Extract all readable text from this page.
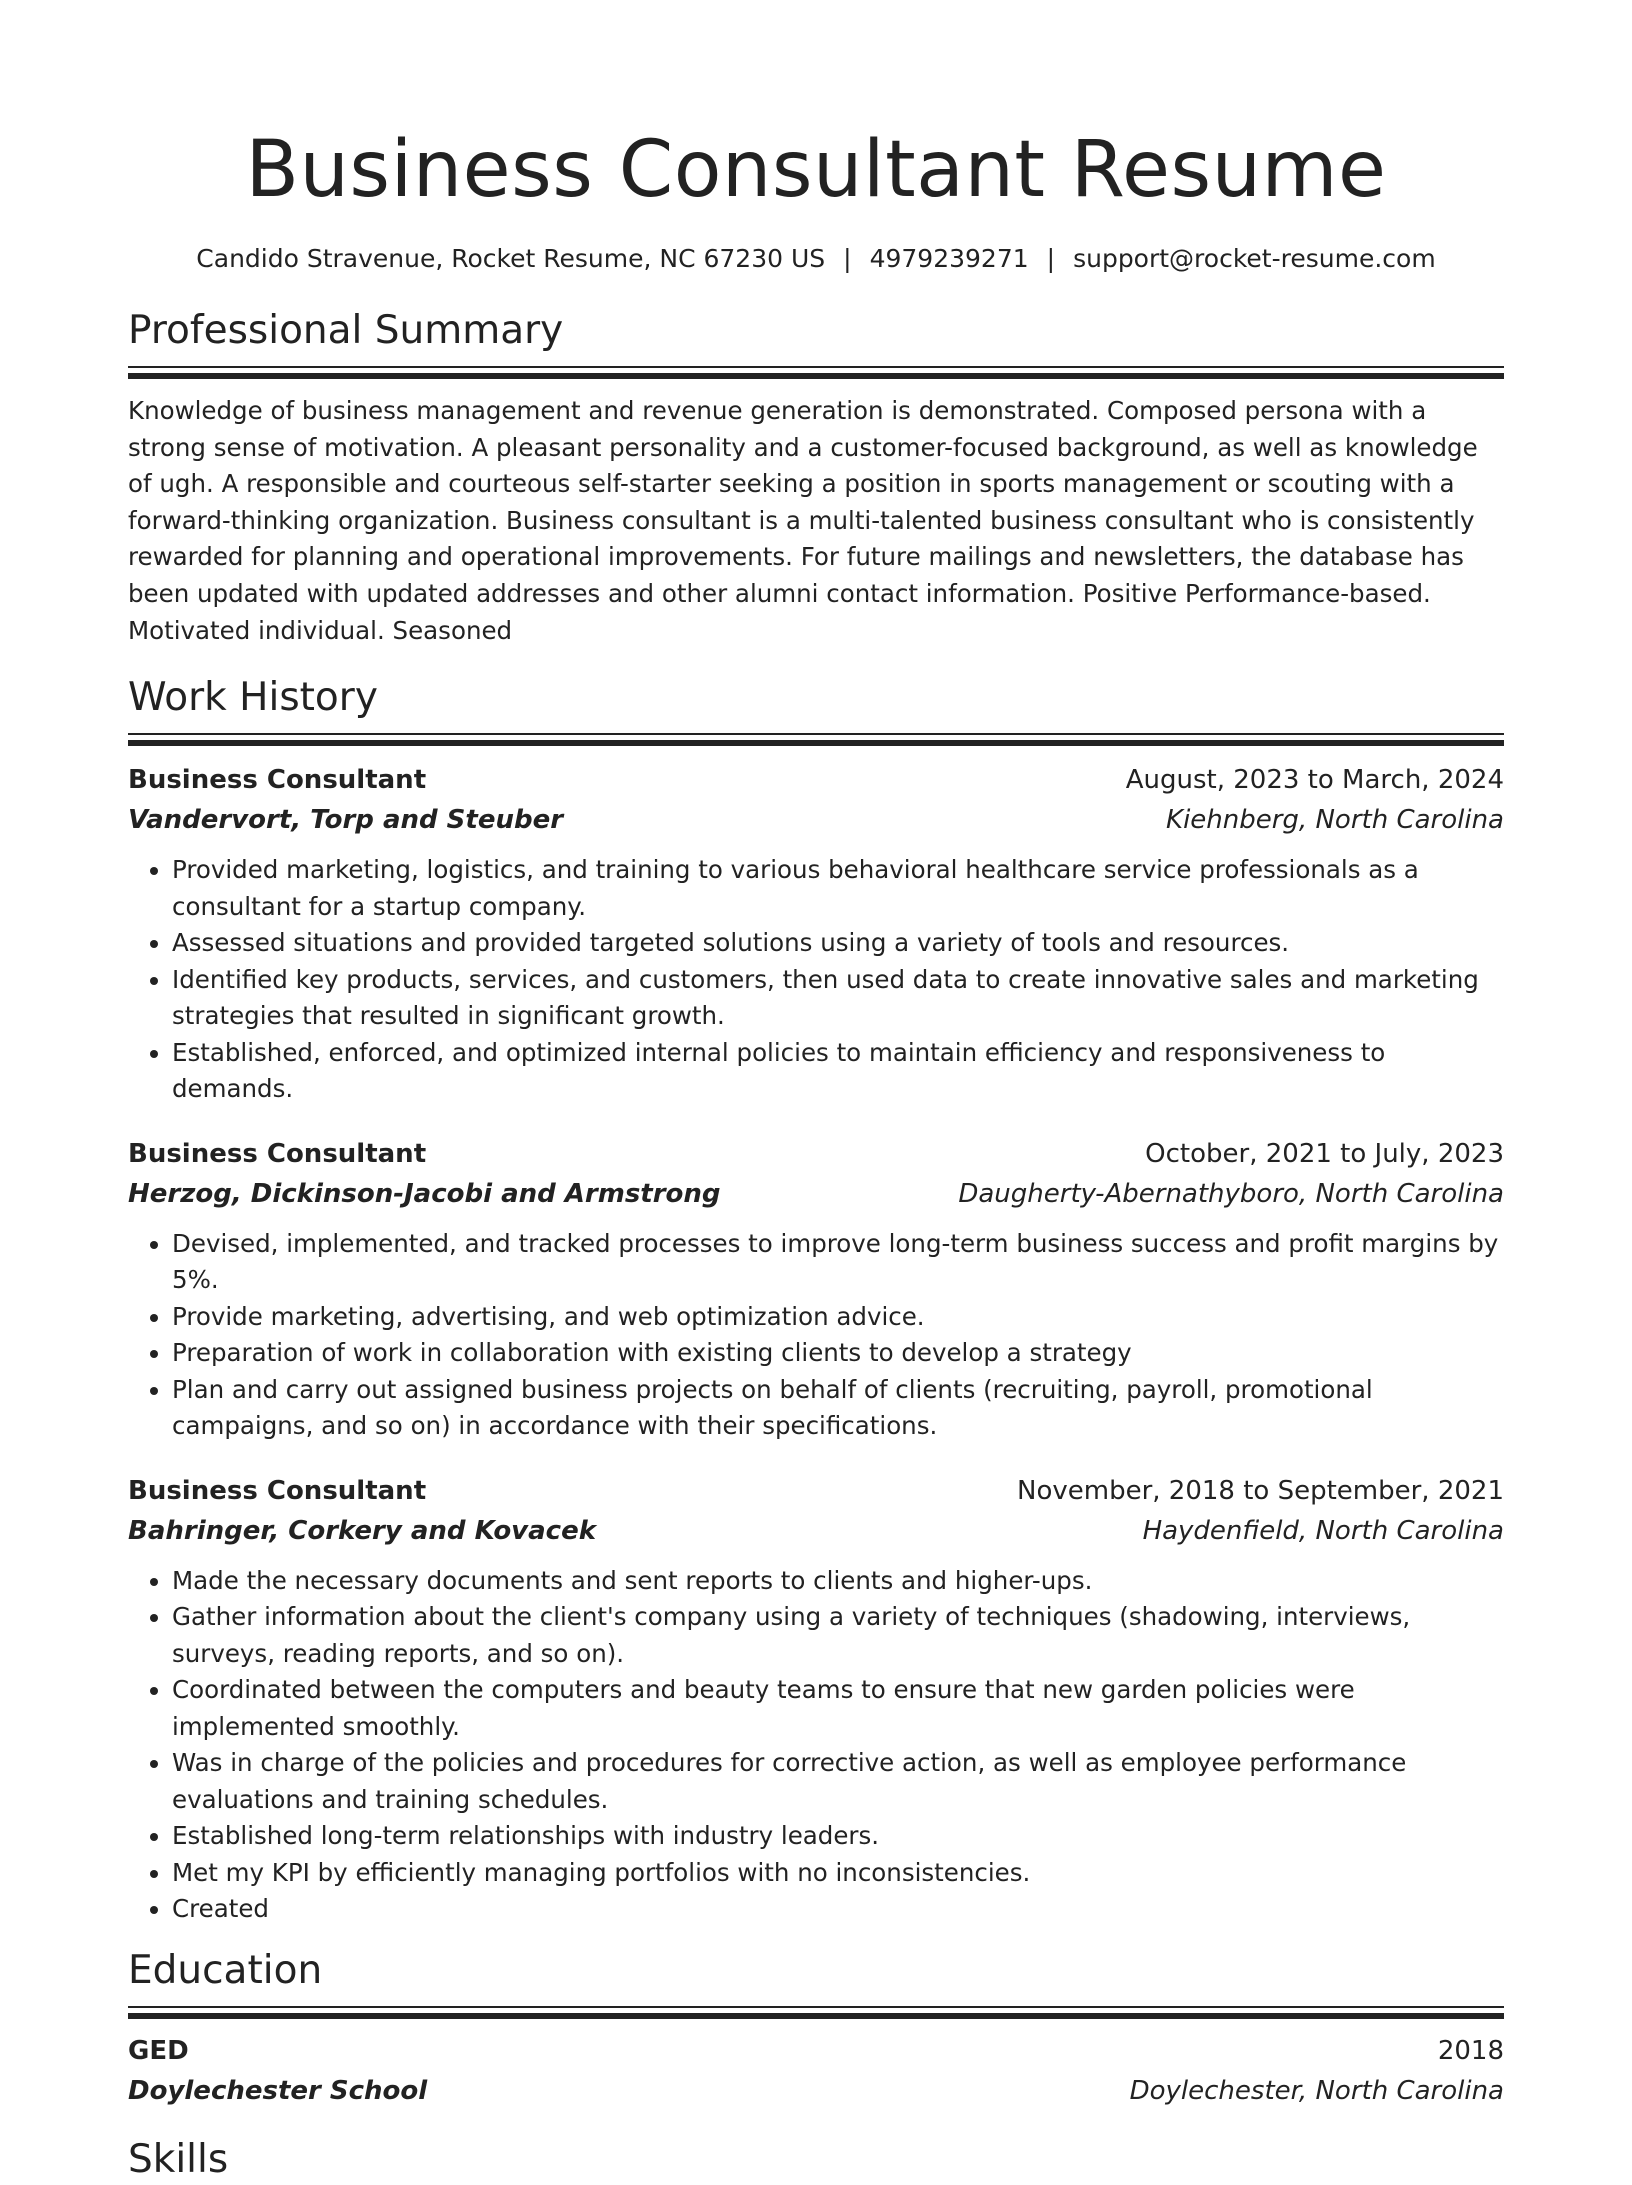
Business Consultant Resume
Candido Stravenue, Rocket Resume, NC 67230 US | 4979239271 | support@rocket-resume.com
Professional Summary

Knowledge of business management and revenue generation is demonstrated. Composed persona with a strong sense of motivation. A pleasant personality and a customer-focused background, as well as knowledge of ugh. A responsible and courteous self-starter seeking a position in sports management or scouting with a forward-thinking organization. Business consultant is a multi-talented business consultant who is consistently rewarded for planning and operational improvements. For future mailings and newsletters, the database has been updated with updated addresses and other alumni contact information. Positive Performance-based. Motivated individual. Seasoned

Work History
Business Consultant	August, 2023 to March, 2024
Vandervort, Torp and Steuber	Kiehnberg, North Carolina
• Provided marketing, logistics, and training to various behavioral healthcare service professionals as a consultant for a startup company.
• Assessed situations and provided targeted solutions using a variety of tools and resources.
• Identified key products, services, and customers, then used data to create innovative sales and marketing strategies that resulted in significant growth.
• Established, enforced, and optimized internal policies to maintain efficiency and responsiveness to demands.
Business Consultant	October, 2021 to July, 2023
Herzog, Dickinson-Jacobi and Armstrong	Daugherty-Abernathyboro, North Carolina
• Devised, implemented, and tracked processes to improve long-term business success and profit margins by 5%.
• Provide marketing, advertising, and web optimization advice.
• Preparation of work in collaboration with existing clients to develop a strategy
• Plan and carry out assigned business projects on behalf of clients (recruiting, payroll, promotional campaigns, and so on) in accordance with their specifications.
Business Consultant	November, 2018 to September, 2021
Bahringer, Corkery and Kovacek	Haydenfield, North Carolina
• Made the necessary documents and sent reports to clients and higher-ups.
• Gather information about the client's company using a variety of techniques (shadowing, interviews, surveys, reading reports, and so on).
• Coordinated between the computers and beauty teams to ensure that new garden policies were implemented smoothly.
• Was in charge of the policies and procedures for corrective action, as well as employee performance evaluations and training schedules.
• Established long-term relationships with industry leaders.
• Met my KPI by efficiently managing portfolios with no inconsistencies.
• Created
Education
GED	2018
Doylechester School	Doylechester, North Carolina
Skills
